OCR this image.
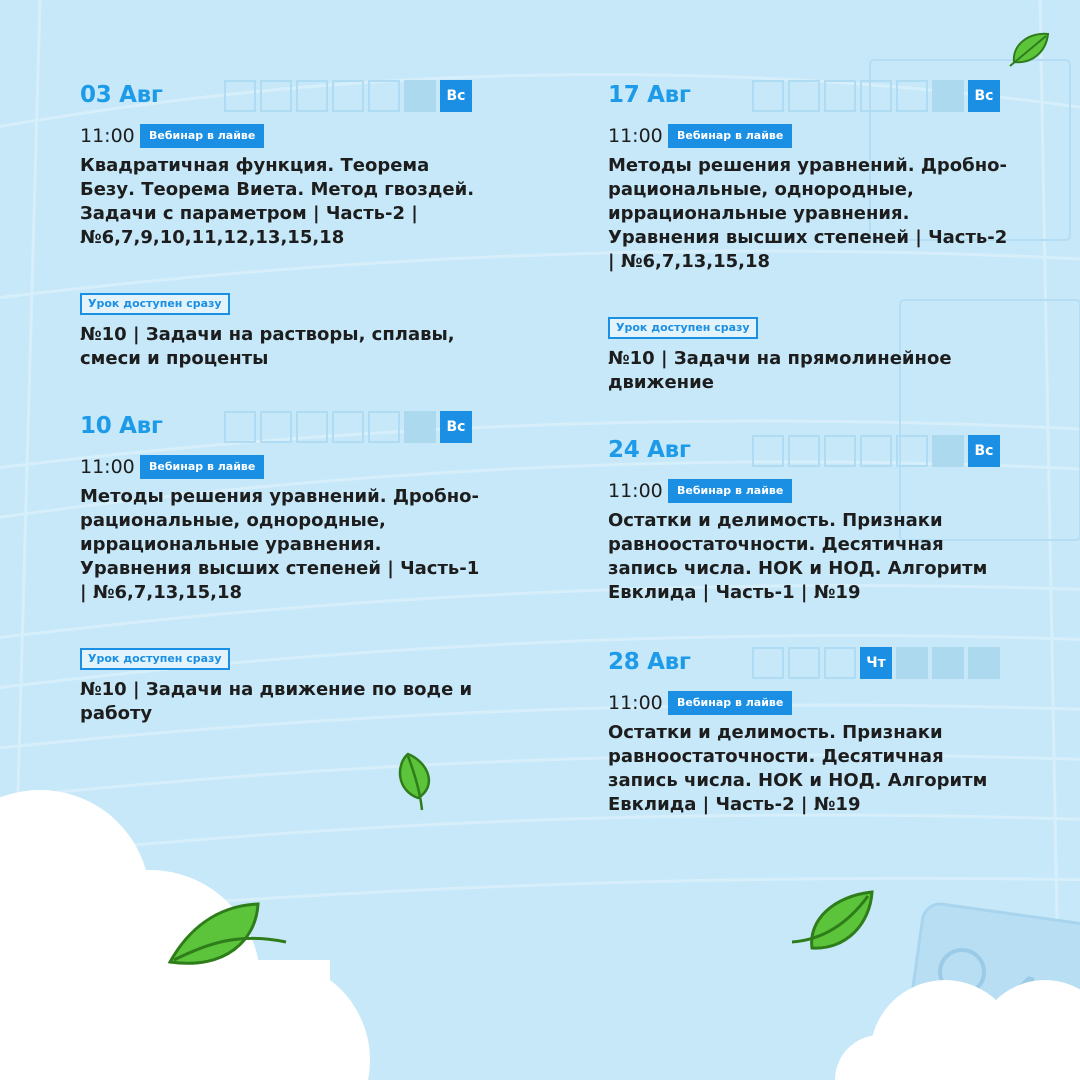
03 Авг	Вс
11:00	Вебинар в лайве
Квадратичная функция. Теорема Безу. Теорема Виета. Метод гвоздей. Задачи с параметром | Часть-2 | №6,7,9,10,11,12,13,15,18
Урок доступен сразу
№10 | Задачи на растворы, сплавы, смеси и проценты
10 Авг	Вс
11:00	Вебинар в лайве
Методы решения уравнений. Дробно-рациональные, однородные, иррациональные уравнения. Уравнения высших степеней | Часть-1 | №6,7,13,15,18
Урок доступен сразу
№10 | Задачи на движение по воде и работу
17 Авг	Вс
11:00	Вебинар в лайве
Методы решения уравнений. Дробно-рациональные, однородные, иррациональные уравнения. Уравнения высших степеней | Часть-2 | №6,7,13,15,18
Урок доступен сразу
№10 | Задачи на прямолинейное движение
24 Авг	Вс
11:00	Вебинар в лайве
Остатки и делимость. Признаки равноостаточности. Десятичная запись числа. НОК и НОД. Алгоритм Евклида | Часть-1 | №19
28 Авг	Чт
11:00	Вебинар в лайве
Остатки и делимость. Признаки равноостаточности. Десятичная запись числа. НОК и НОД. Алгоритм Евклида | Часть-2 | №19
